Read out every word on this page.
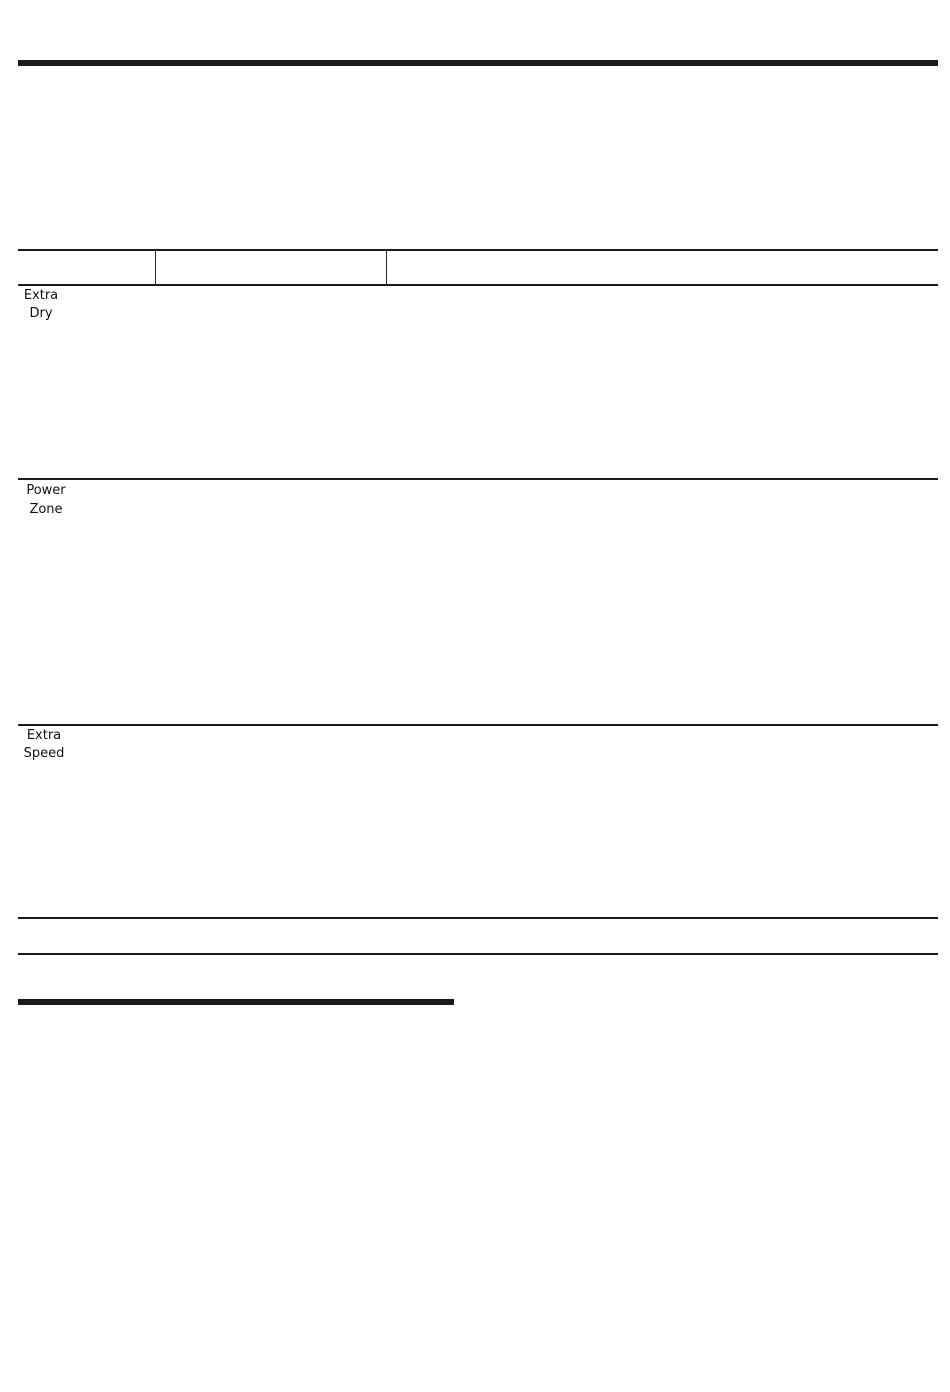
Extra
Dry
Power
Zone
Extra
Speed
